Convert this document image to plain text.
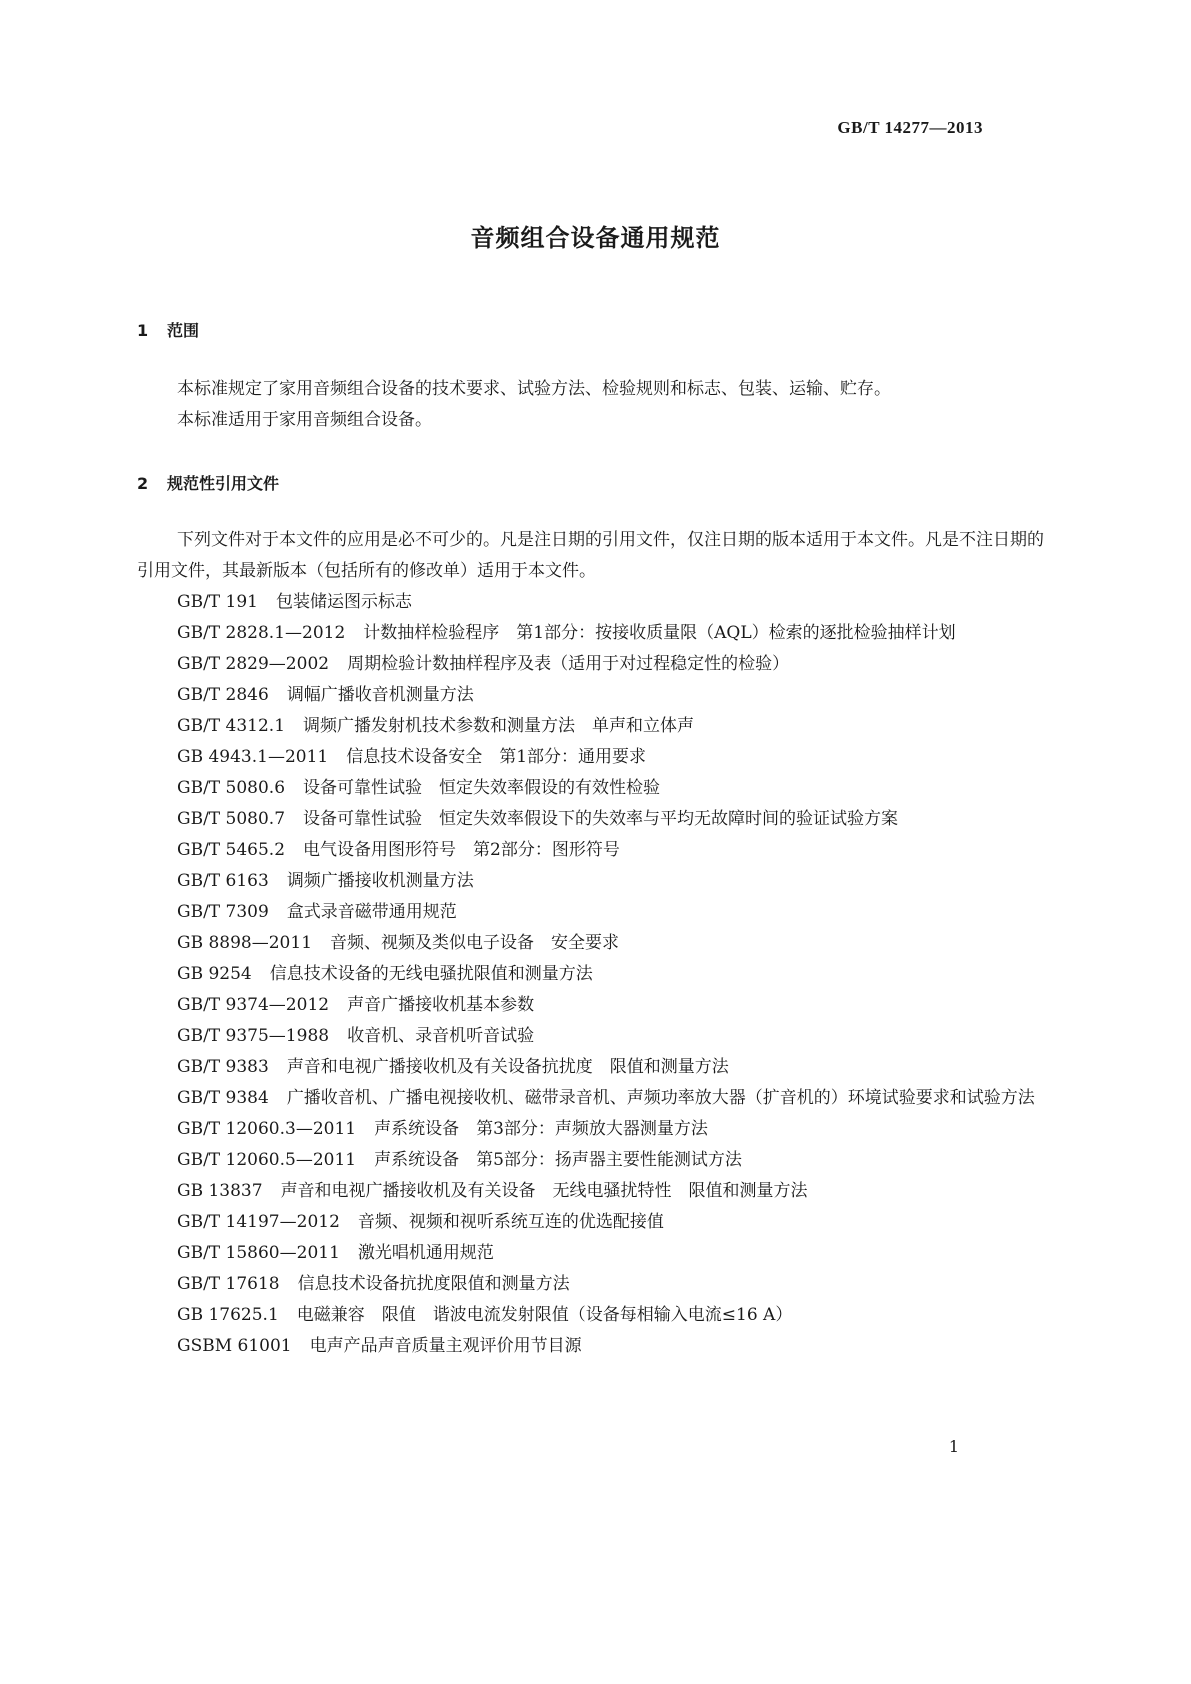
GB/T 14277—2013
音频组合设备通用规范
1 范围
本标准规定了家用音频组合设备的技术要求、试验方法、检验规则和标志、包装、运输、贮存。
本标准适用于家用音频组合设备。
2 规范性引用文件
下列文件对于本文件的应用是必不可少的。凡是注日期的引用文件，仅注日期的版本适用于本文件。凡是不注日期的引用文件，其最新版本（包括所有的修改单）适用于本文件。
GB/T 191 包装储运图示标志
GB/T 2828.1—2012 计数抽样检验程序　第1部分：按接收质量限（AQL）检索的逐批检验抽样计划
GB/T 2829—2002 周期检验计数抽样程序及表（适用于对过程稳定性的检验）
GB/T 2846 调幅广播收音机测量方法
GB/T 4312.1 调频广播发射机技术参数和测量方法　单声和立体声
GB 4943.1—2011 信息技术设备安全　第1部分：通用要求
GB/T 5080.6 设备可靠性试验　恒定失效率假设的有效性检验
GB/T 5080.7 设备可靠性试验　恒定失效率假设下的失效率与平均无故障时间的验证试验方案
GB/T 5465.2 电气设备用图形符号　第2部分：图形符号
GB/T 6163 调频广播接收机测量方法
GB/T 7309 盒式录音磁带通用规范
GB 8898—2011 音频、视频及类似电子设备　安全要求
GB 9254 信息技术设备的无线电骚扰限值和测量方法
GB/T 9374—2012 声音广播接收机基本参数
GB/T 9375—1988 收音机、录音机听音试验
GB/T 9383 声音和电视广播接收机及有关设备抗扰度　限值和测量方法
GB/T 9384 广播收音机、广播电视接收机、磁带录音机、声频功率放大器（扩音机的）环境试验要求和试验方法
GB/T 12060.3—2011 声系统设备　第3部分：声频放大器测量方法
GB/T 12060.5—2011 声系统设备　第5部分：扬声器主要性能测试方法
GB 13837 声音和电视广播接收机及有关设备　无线电骚扰特性　限值和测量方法
GB/T 14197—2012 音频、视频和视听系统互连的优选配接值
GB/T 15860—2011 激光唱机通用规范
GB/T 17618 信息技术设备抗扰度限值和测量方法
GB 17625.1 电磁兼容　限值　谐波电流发射限值（设备每相输入电流≤16 A）
GSBM 61001 电声产品声音质量主观评价用节目源
1
